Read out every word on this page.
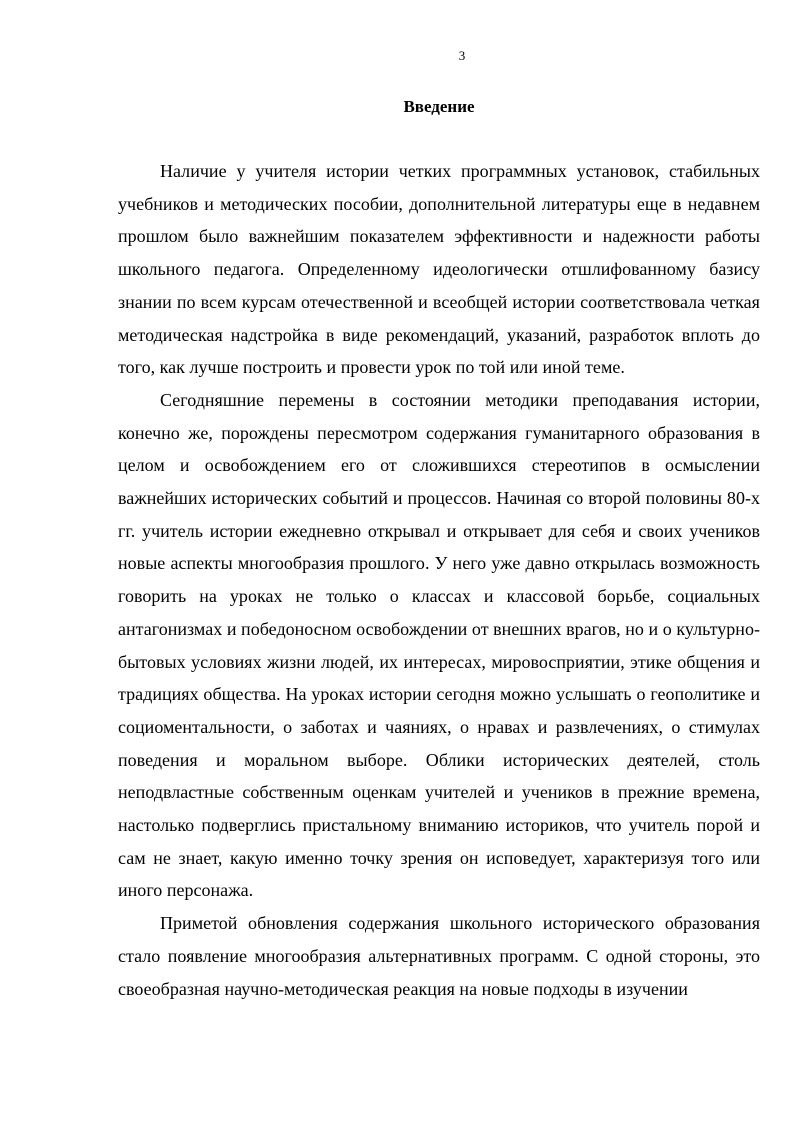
3
Введение

Наличие у учителя истории четких программных установок, стабильных учебников и методических пособии, дополнительной литературы еще в недавнем прошлом было важнейшим показателем эффективности и надежности работы школьного педагога. Определенному идеологически отшлифованному базису знании по всем курсам отечественной и всеобщей истории соответствовала четкая методическая надстройка в виде рекомендаций, указаний, разработок вплоть до того, как лучше построить и провести урок по той или иной теме.

Сегодняшние перемены в состоянии методики преподавания истории, конечно же, порождены пересмотром содержания гуманитарного образования в целом и освобождением его от сложившихся стереотипов в осмыслении важнейших исторических событий и процессов. Начиная со второй половины 80-х гг. учитель истории ежедневно открывал и открывает для себя и своих учеников новые аспекты многообразия прошлого. У него уже давно открылась возможность говорить на уроках не только о классах и классовой борьбе, социальных антагонизмах и победоносном освобождении от внешних врагов, но и о культурно-бытовых условиях жизни людей, их интересах, мировосприятии, этике общения и традициях общества. На уроках истории сегодня можно услышать о геополитике и социоментальности, о заботах и чаяниях, о нравах и развлечениях, о стимулах поведения и моральном выборе. Облики исторических деятелей, столь неподвластные собственным оценкам учителей и учеников в прежние времена, настолько подверглись пристальному вниманию историков, что учитель порой и сам не знает, какую именно точку зрения он исповедует, характеризуя того или иного персонажа.

Приметой обновления содержания школьного исторического образования стало появление многообразия альтернативных программ. С одной стороны, это своеобразная научно-методическая реакция на новые подходы в изучении
